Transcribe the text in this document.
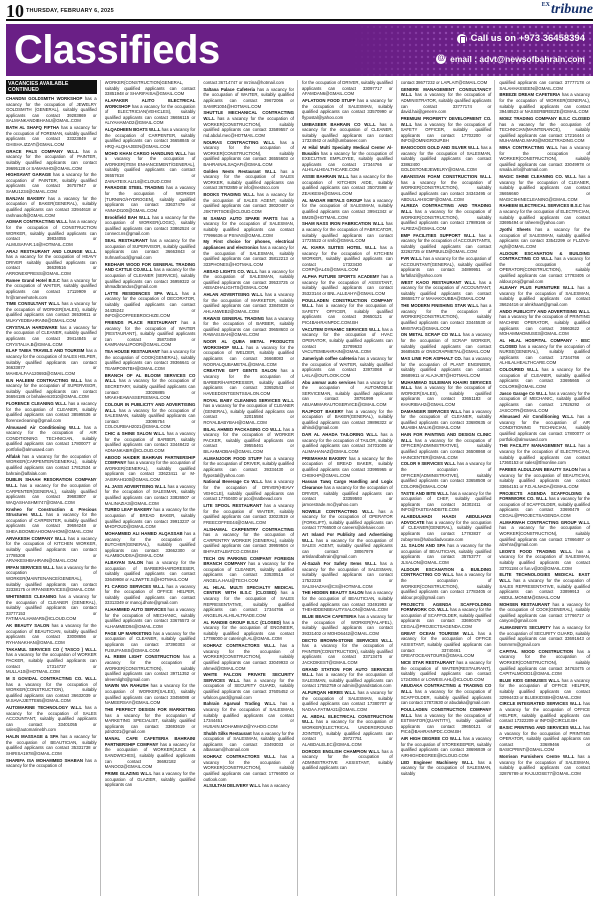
10 THURSDAY, FEBRUARY 6, 2025
$^{EX}$tribune
Classifieds	Call us on +973 36458394
@
email : advt@newsofbahrain.com
VACANCIES AVAILABLE CONTINUED

CHANDNI GOLDSMITH WORKSHOP has a vacancy for the occupation of JEWELRY GOLDSMITH (GENERAL), suitably qualified applicants can contact 39283869 or SALMANKANDIBHANU@GMAIL.COM

BATH AL SHAFQ FIFTHA has a vacancy for the occupation of FOREMAN, suitably qualified applicants can contact 33323849 or GHISHA.IZZAT@GMAIL.COM

GRACE PALS COMPANY W.L.L has a vacancy for the occupation of PAINTER, suitably qualified applicants can contact 39695128 or SAMANHO@GMAIL.COM

HIGHSAVAT GARAGE has a vacancy for the occupation of PAINTER, suitably qualified applicants can contact 36757947 or SAMU1234@GMAIL.COM

BANJAN BAKERY has a vacancy for the occupation of BAKER(GENERAL), suitably qualified applicants can contact 33944618 or rashnasoft@GMAIL.COM

ADMAR CONTRACTING W.L.L has a vacancy for the occupation of CONSTRUCTION WORKER, suitably qualified applicants can contact 39834055 or ALMUSAFAR.14@HOTMAIL.COM

ARAJ RESTAURANT AND LOUNGE W.L.L has a vacancy for the occupation of HEAVY DRIVER suitably qualified applicants can contact 36639516 or ARRONEXPRESS@GMAIL.COM

Ramee Grand Hotel B.S.C has a vacancy for the occupation of WAITER, suitably qualified applicants can contact 17119909 or hr@rameehotels.com

TIME CONSULTANT W.L.L has a vacancy for the occupation of WORKER(SALES), suitably qualified applicants can contact 36539811 or MUAYYEDBAHRAINI@GMAIL.COM

CRYSTALIA HARDWARE has a vacancy for the occupation of CLEANER, suitably qualified applicants can contact 39414845 or CRYSTALIA.B@GMAIL.COM

ELAF TABIA TRAVELS AND TOURISM has a vacancy for the occupation of SALES HELPER, suitably qualified applicants can contact 36633877 or MAHEALFAA120693@GMAIL.COM

B.N HALEEM CONTRACTING W.L.L has a vacancy for the occupation of SUPERVISOR, suitably qualified applicants can contact 36694186 or bnhaleem2010@GMAIL.COM

FLORENCE CLEANING W.L.L has a vacancy for the occupation of CLEANER, suitably qualified applicants can contact 38595536 or florencecleaning@gmail.com

Almusaed Air Conditioning W.L.L has a vacancy for the occupation of AIR CONDITIONING TECHNICIAN, suitably qualified applicants can contact 17800077 or portfolio@almusaed.com

Alfalak has a vacancy for the occupation of WORKER(CARPENTER/GENERAL), suitably qualified applicants can contact 17812534 or bahrain@alfalak.com

DUBLIN SHAAH RESORATION COMPANY W.L.L has a vacancy for the occupation of CARPENTER(GENERAL), suitably qualified applicants can contact 39683807 or WAQASHASHMI747@GMAIL.COM

Knsheo for Construction & Precious Structures W.L.L has a vacancy for the occupation of CARPENTER, suitably qualified applicants can contact 39694248 or SHEA.BOOMEAHOOMAHOM@GMAIL.COM

ARVAKESH COMPANY W.L.L has a vacancy for the occupation of KITCHEN WORKER, suitably qualified applicants can contact 17785208 or ARVAKESHBAHRAIN@GMAIL.COM

IRFAN SERVICES W.L.L has a vacancy for the occupation of WORKER(MAINTENANCE/GENERAL), suitably qualified applicants can contact 32338175 or IRFANSERVICES@GMAIL.COM

WHITENESS CLEANING has a vacancy for the occupation of CLEANER (GENERAL), suitably qualified applicants can contact 33777153 or FATIMAALHAMAR5@ICLOUD.COM

AK BEAUTY SALON has a vacancy for the occupation of BEAUTICIAN, suitably qualified applicants can contact 33008656 or RYHANAKHAN@GMAIL.COM

TAKAMUL SERVICES CO ( TASCO ) W.L.L has a vacancy for the occupation of WORKER PACKER, suitably qualified applicants can contact 17314737 or MULLA10@HOTMAIL.COM

M S GOVIDAL CONTRACTING CO. W.L.L has a vacancy for the occupation of WORKER(CONSTRUCTION), suitably qualified applicants can contact 36632039 or M.SAVAJJETTE65@GMAIL.COM

AUTOMARINE TECHNOLOGY W.L.L has a vacancy for the occupation of SALES ACCOUNTANT, suitably qualified applicants can contact 33401055 or sales@automarinebh.com

HALIN MASSAGE & SPA has a vacancy for the occupation of BEAUTICIAN, suitably qualified applicants can contact 35331738 or SHIRISA1978@GMAIL.COM

SHARIFA ISA MOHAMMED SHABAN has a vacancy for the occupation of

WORKER(CONSTRUCTION)GENERAL, suitably qualified applicants can contact 33851948 or SHARIFAISA@GMAIL.COM

ALAFAKER ALITO ELECTRICAL WORKSHOP has a vacancy for the occupation of ELECTRICIAN(VEHICLES), suitably qualified applicants can contact 36656115 or ALIYAHAMAD2@GMAIL.COM

ALQADHEEN BOATS W.L.L has a vacancy for the occupation of CARPENTER, suitably qualified applicants can contact 36658845 or HRQ-ALQHAJEEN@GMAIL.COM

MOHD KHAN CARGO HANDLING W.L.L has a vacancy for the occupation of WORKER(ITEM ENHANCEMENT/GENERAL), suitably qualified applicants can contact 36557618 or ZAINATEIX.ALI14@ICLOUD.COM

PARADISE STEEL TRADING has a vacancy for the occupation of WORKER (TURNING/HYDROGEN), suitably qualified applicants can contact 33637479 or ANNADI100@GMAIL.COM

Brookfield BAH W.L.L has a vacancy for the occupation of WORKER(LOGIC), suitably qualified applicants can contact 33862524 or connect.ns@gmail.com

SEAL RESTAURANT has a vacancy for the occupation of SUPERVISOR, suitably qualified applicants can contact 36663843 or trufmanfood@gmail.com

REDHAIR WOOD FOR GENERAL TRADING AND CATTLE CO.W.L.L has a vacancy for the occupation of CLEANER (SERVICE), suitably qualified applicants can contact 36959322 or ahmadbrandos@gmail.com

LATTE RESIDENCES SPA W.L.L has a vacancy for the occupation of DECORATOR, suitably qualified applicants can contact 34435242 or INFO@COFFEEBROCHIZE.COM

FRIENDS PLACE RESTAURANT has a vacancy for the occupation of WAITER (RESTAURANT), suitably qualified applicants can contact 35873459 or KAMRANALIPOOR@GMAIL.COM

TEA HOUSE RESTAURANT has a vacancy for the occupation of COOK(GENERAL), suitably qualified applicants can contact 39366641 or TEAMPOINTBH@GMAIL.COM

BRANCH OF AL BLOOM SERVICES CO W.L.L has a vacancy for the occupation of SECRETARY, suitably qualified applicants can contact 33026885 or NRAKHEAWASSEFEEMAIL.COM

COLOUR IN PUBLICITY AND ADVERTISING W.L.L has a vacancy for the occupation of SALESMAN, suitably qualified applicants can contact 33095754 or COLOURBAH2021@GMAIL.COM

CHIC & SHINE SALON W.L.L has a vacancy for the occupation of BARBER, suitably qualified applicants can contact 33448422 or ADNANKABIR@ICLOUD.COM

ABOOD HAIDER BAHRAIN PARTNERSHIP COMPANY has a vacancy for the occupation of WORKER(GENERAL), suitably qualified applicants can contact 33623411 or M-JAISRAHI100@GMAIL.COM

AL JASS ADVERTISING W.L.L has a vacancy for the occupation of SALESMAN, suitably qualified applicants can contact 33826507 or MALINAZIA3@GMAIL.COM

TURBO LEAF BAKERY has a vacancy for the occupation of BREAD BAKER, suitably qualified applicants can contact 39913237 or MHDFOUD@GMAIL.COM

MOHAMMED ALI HAMED ALQASSAB has a vacancy for the occupation of BUTCHER(GENERAL), suitably qualified applicants can contact 33662300 or ALAMBOUDSA@GMAIL.COM

ALBAYAN SALON has a vacancy for the occupation of BARBER/HAIRDRESSER, suitably qualified applicants can contact 33649908 or AL3WFTE.S@HOTMAIL.COM

F1 CARGO SERVICES W.L.L has a vacancy for the occupation of OFFICE HELPER, suitably qualified applicants can contact 33313349 or manoj.dhote@gmail.com

ALHAMMED AUTO SERVICES has a vacancy for the occupation of MECHANIC, suitably qualified applicants can contact 33676573 or ALHAMMED94@GMAIL.COM

PAGE UP MARKETING has a vacancy for the occupation of CLEANER, suitably qualified applicants can contact 37390303 or FUSUFANSS@GMAIL.COM

AL REEM LIGHT CONSTRUCTION has a vacancy for the occupation of WORKER(CONSTRUCTION), suitably qualified applicants can contact 39711352 or alreemlight@gmail.com

NAWIN WA RAHUSH has a vacancy for the occupation of WORKER(SALES), suitably qualified applicants can contact 33456088 or NAMEERSAY@GMAIL.COM

THE PERFECT DESIGN FOR MARKETING has a vacancy for the occupation of MARKETING SPECIALIST, suitably qualified applicants can contact 33693619 or pdn2021@gmail.com

MANAL CAFE CAFETERIA BAHRAINI PARTNERSHIP COMPANY has a vacancy for the occupation of WORKER(JUICE & SANDWICHES), suitably qualified applicants can contact 36692182 or MANOO2@GMAIL.COM

PRIME GLAZING W.L.L has a vacancy for the occupation of GLAZIER, suitably qualified applicants can

contact 36714747 or mrzina@hotmail.com

Saltana Palace Cafeteria has a vacancy for the occupation of WAITER, suitably qualified applicants can contact 39672066 or SAMIR1004@HOTMAIL.COM

SHUTTLE MECHANICAL CONTRACTING W.L.L has a vacancy for the occupation of WORKER(CONSTRUCTION), suitably qualified applicants can contact 33589557 or md.abdul.mec@HOTMAIL.COM

NOURAS CONTRACTING W.L.L has a vacancy for the occupation of WORKER(CONSTRUCTION), suitably qualified applicants can contact 36555603 or BAHRAINALSAQAFI@GMAIL.COM

Golden Nests Restaurant W.L.L has a vacancy for the occupation of SALES WORKER, suitably qualified applicants can contact 36782859 or info@nestsco.com

BOOKS TRADING W.L.L has a vacancy for the occupation of SALES AGENT, suitably qualified applicants can contact 38020467 or JSKTIRTSOE@ICLOUD.COM

M SAMAD AUTO SPARE PARTS has a vacancy for the occupation of SALESMAN, suitably qualified applicants can contact 77996636 or PSIVAS@GMAIL.COM

My First choice for phones, electrical appliances and electronics has a vacancy for the occupation of SALESMAN, suitably qualified applicants can contact 35812213 or 333PHONES@HOTMAIL.COM

ABSAD LIGHTS CO. W.L.L has a vacancy for the occupation of SALESMAN, suitably qualified applicants can contact 39533725 or ABSADHALIGHTS@GMAIL.COM

AHLAN ADVERTISING W.L.L has a vacancy for the occupation of MARKETER, suitably qualified applicants can contact 33845028 or AHLANWEB2@GMAIL.COM

RAWASI GENERAL TRADING has a vacancy for the occupation of BARBER, suitably qualified applicants can contact 39658603 or RAWASI.BAH@GMAIL.COM

NOOR AL QUBA METAL PRODUCTS WORKSHOP W.L.L has a vacancy for the occupation of WELDER, suitably qualified applicants can contact 36668083 or NOORALQUBAMETAL@GMAIL.COM

CREATIVE GIFT GENTS SALON has a vacancy for the occupation of BARBER/HAIRDRESSER, suitably qualified applicants can contact 33652543 or HAVEEDGNTGENTSSALON.COM

ROYAL BABY CLEANING SERVICES W.L.L has a vacancy for the occupation of CLEANER (GENERAL), suitably qualified applicants can contact 32015584 or ROYALBABYBAH@GMAIL.COM

BILAL AHMED PACKAGING CO W.L.L has a vacancy for the occupation of WORKER PACKER, suitably qualified applicants can contact 39555461 or BILAHMADBAH@GMAIL.COM

ALMANJOOR FOOD STUFF has a vacancy for the occupation of DRIVER, suitably qualified applicants can contact 39334430 or flypostal@yahoo.com

National Beverage Co W.L.L has a vacancy for the occupation of DRIVER(HEAVY VEHICLE), suitably qualified applicants can contact 17760400 or pco@natbevad.com

LITE SPOOL RESTAURANT has a vacancy for the occupation of WAITER, suitably qualified applicants can contact 33023519 or FREECOFFEE44@GMAIL.COM

ALSHAMAL CARPENTRY CONTRACTING has a vacancy for the occupation of CARPENTRY WORKER (GENERAL), suitably qualified applicants can contact 39959504 or BHFASTALBATCO.COM.BH

TECH ON PARKING COMPANY FOREIGN BRANCH COMPANY has a vacancy for the occupation of CLEANER, suitably qualified applicants can contact 33530515 or ANGELA.HAU@TECH.COM

AL HILAL MULTI SPECIALTY MEDICAL CENTER WITH B.S.C (CLOSED) has a vacancy for the occupation of SALES REPRESENTATIVE, suitably qualified applicants can contact 17344766 or ANGELIN.ALHILALTRADE.COM

AL RANDIB GROUP B.S.C (CLOSED) has a vacancy for the occupation of ENGINEER, suitably qualified applicants can contact 17786000 or cateringh.AL@GMAIL.COM

KOHRAZ CONTRACTORS W.L.L has a vacancy for the occupation of WORKER(CONSTRUCTION), suitably qualified applicants can contact 33049933 or ahmed@GMAIL.COM

WHITE FALCON PRIVATE SECURITY SERVICES W.L.L has a vacancy for the occupation of SECURITY GUARD, suitably qualified applicants can contact 37605452 or wfalcon.gard@gmail.com

Bahrain Agarwal Trading W.L.L has a vacancy for the occupation of SALESMAN, suitably qualified applicants can contact 17344451 or HUSAIN.MOHAMMAD@YAHOO.COM

Shubh Silks Restaurant has a vacancy for the occupation of SALESMAN, suitably qualified applicants can contact 33493033 or albassam@hotmail.com

KOHRAZ CONTRACTORS W.L.L has a vacancy for the occupation of WORKER(CONSTRUCTION), suitably qualified applicants can contact 17766000 or outlook.com

ALSULTAN DELIVERY W.L.L has a vacancy

for the occupation of DRIVER, suitably qualified applicants can contact 33097717 or AFAMDAN6@GMAIL.COM

AFLATOON FOOD STUFF has a vacancy for the occupation of SALESMAN, suitably qualified applicants can contact 33570990 or flypostal@yahoo.com

UMBASEER BAHRAIN CO W.L.L has a vacancy for the occupation of CLEANER, suitably qualified applicants can contact 17324942 or asif@umbaseer.com

AI Hilal Multi Specialty Medical Center Al-Busaitin has a vacancy for the occupation of EXECUTIVE EMPLOYEE, suitably qualified applicants can contact 17344766 or ALHILALHEALTHCARE.COM

ASSIE BAHRAIN W.L.L has a vacancy for the occupation of KITCHEN AIDE, suitably qualified applicants can contact 35072598 or ZEAIKESH@GMAIL.COM

AL MADAR METALS GROUP has a vacancy for the occupation of SALESMAN, suitably qualified applicants can contact 39941342 or BM20@HOTMAIL.COM

SHAM NASS IRON FABRICATION W.L.L has a vacancy for the occupation of FABRICATOR, suitably qualified applicants can contact 17725522 or smfc@GMAIL.COM

AL KIARA SUITES HOTEL W.L.L has a vacancy for the occupation of KITCHEN WORKER, suitably qualified applicants can contact 17323430 or CORP@AL4S@GMAIL.COM

ALPHA FUTURE SPORTS ACADEMY has a vacancy for the occupation of ASSISTANT, suitably qualified applicants can contact 35323144 or BNL.ALLEAHY@GMAIL.COM

POULLADEN CONSTRUCTION COMPANY W.L.L has a vacancy for the occupation of SAFETY OFFICER, suitably qualified applicants can contact 39650121 or PIC4BAHRAINPDC.COM.BH

VACUTEM DYNAMIC SERVICES W.L.L has a vacancy for the occupation of HVAC OPERATOR, suitably qualified applicants can contact 32789633 or VACUTEMBAHRAIN@GMAIL.COM

Jumeriyah coffee cafeteria has a vacancy for the occupation of WAITER, suitably qualified applicants can contact 33973068 or LAILA@OUTLOOK.COM

Abu ammar auto services has a vacancy for the occupation of AUTOMOBILE SERVICEMAN, suitably qualified applicants can contact 38791999 or ABUAMMARAUTOSERVICE@GMAIL.COM

RAJPOOT BAKERY has a vacancy for the occupation of BAKER(GENERAL), suitably qualified applicants can contact 39896322 or alhindi@gmail.com

DAR AL AHADA TAILORING W.L.L has a vacancy for the occupation of TAILOR, suitably qualified applicants can contact 34701006 or ALIMAHANAZ@GMAIL.COM

PREMAHAN BAKERY has a vacancy for the occupation of BREAD BAKER, suitably qualified applicants can contact 33995965 or CHEIKHP@GMAIL.COM

Hassan Tawq Cargo Handling and Logix Clearance has a vacancy for the occupation of DRIVER, suitably qualified applicants can contact 33359593 or jamcestrade.mc@yahoo.com

NOWELE CONTRACTING W.L.L has a vacancy for the occupation of OPERATOR (FORKLIFT), suitably qualified applicants can contact 77766500 or careers@dehaier.com

Art Island For Publicity and Advertising W.L.L has a vacancy for the occupation of SALES AGENT, suitably qualified applicants can contact 38067979 or artislandbahrain@gmail.com

Al-Sazah For Safety Items W.L.L has a vacancy for the occupation of SALESMAN, suitably qualified applicants can contact 17522228 or SALSHAZAH@CS@HOTMAIL.COM

THE HIDDEN BEAUTY SALON has a vacancy for the occupation of BEAUTICIAN, suitably qualified applicants can contact 33491993 or THEHIDDENBEAUTYSALON@GMAIL.COM

BLUE BEACH CAFETERIA has a vacancy for the occupation of WORKER(FALAFEL), suitably qualified applicants can contact 39331402 or MOHD6442@GMAIL.COM

DECTO BROWN-STONE SERVICES W.L.L has a vacancy for the occupation of PAINTER(CONSTRUCTION), suitably qualified applicants can contact 33713475 or JACKDIKEST@GMAIL.COM

GRAND STATION FOR AUTO SERVICES W.L.L has a vacancy for the occupation of SALESMAN, suitably qualified applicants can contact 17552759 or admin@grandstation.com

ALFURQAN HERBS W.L.L has a vacancy for the occupation of SALESMAN, suitably qualified applicants can contact 17380707 or NADAA.FATIMA21@GMAIL.COM

AL ABDAL ELECTRICAL CONSTRUCTION W.L.L has a vacancy for the occupation of WORKER(ELECTRICAL UNDERGROUND JOINTER), suitably qualified applicants can contact 39727751 or ALABDALELEC@GMAIL.COM

DORODS ENGLISH CHAMPION W.L.L has a vacancy for the occupation of ADMINISTRATIVE ASSISTANT, suitably qualified applicants can

contact 38677232 or LAPLAIT@GMAIL.COM

GENERE MANAGEMENT CONSULTANCY W.L.L has a vacancy for the occupation of ADMINISTRATOR, suitably qualified applicants can contact 33777174 or david.hai@generre.com

PREMIUM PROPERTY DEVELOPMENT CO. W.L.L has a vacancy for the occupation of SAFETY OFFICER, suitably qualified applicants can contact 17702200 or INFO@OMNIGROUP.BH

BANOCOOS GOLD AND SILVER W.L.L has a vacancy for the occupation of SALESMAN, suitably qualified applicants can contact 33862400 or GOLDSTONEJEWELRY@GMAIL.COM

ABANSSAN FOAM CONSTRUCTION W.L.L has a vacancy for the occupation of WORKER(CONSTRUCTION), suitably qualified applicants can contact 34343495 or ABDULLAHSCBF@GMAIL.COM

ALREZA CONTRACTING AND TRADING W.L.L has a vacancy for the occupation of WORKER(CONSTRUCTION), suitably qualified applicants can contact 17989166 or ALREZA@GMAIL.COM

EMP FACILITIES SUPPORT W.L.L has a vacancy for the occupation of ACCOUNTANTS, suitably qualified applicants can contact 32262725 or EMPBUILD@GMAIL.COM

FVR W.L.L has a vacancy for the occupation of ACCOUNTANT(GENERAL), suitably qualified applicants can contact 34899951 or farfallazi@yahoo.com

WEST KAOO RESTAURANT W.L.L has a vacancy for the occupation of ACCOUNTANT, suitably qualified applicants can contact 38658177 or MAHAKOUBBA@GMAIL.COM

THE MODERN FINISHING STAR W.L.L has a vacancy for the occupation of WORKER(CONSTRUCTION), suitably qualified applicants can contact 33445530 or MMSTAR1@GMAIL.COM

ON METAL SCRAP CO W.L.L has a vacancy for the occupation of SCRAP WORKER, suitably qualified applicants can contact 36685635 or ONSCRAPMETAL@GMAIL.COM

MAS LINE FOR ASPHALT CO. has a vacancy for the occupation of PLANT ENGINEER, suitably qualified applicants can contact 38689911 or ALAJAJ87@HOTMAIL.COM

MUHAMMAD SULEIMAN KHAIRI SERVICES W.L.L has a vacancy for the occupation of WORKER(SALES), suitably qualified applicants can contact 33651183 or KHAIRIBAH2@GMAIL.COM

DAMANGER SERVICES W.L.L has a vacancy for the occupation of CLEANER, suitably qualified applicants can contact 33680635 or MUAIBH.MALIK@GMAIL.COM

HAIN FOR PAINTING AND DESIGN CLINIC W.L.L has a vacancy for the occupation of OFFICER(ADMINISTRATIVE), suitably qualified applicants can contact 36508868 or HAINCENTER@GMAIL.COM

COLOR 9 SERVICES W.L.L has a vacancy for the occupation of OFFICER(ADMINISTRATIVE), suitably qualified applicants can contact 33658508 or COLOR9@GMAIL.COM

TASTE AND BITE W.L.L has a vacancy for the occupation of CHEF, suitably qualified applicants can contact 34302411 or INFO@TASTEANDBITE.COM

ALABDULHADI HAADI ABDULHADI ADVOCATE has a vacancy for the occupation of CLEANER(GENERAL), suitably qualified applicants can contact 17783837 or zubayrms@habodiadvocate.com

J.L SALON AND SPA has a vacancy for the occupation of BEAUTICIAN, suitably qualified applicants can contact 35753777 or JLSALON@GMAIL.COM

ALDOUR ESCANATION & BUILDING CONTRACTING CO W.L.L has a vacancy for the occupation of WORKER(CONSTRUCTION), suitably qualified applicants can contact 17783405 or aldour.proj@gmail.com

PROJECTS AGENDA SCAFFOLDING FORMWORK CO. W.L.L has a vacancy for the occupation of SCAFFOLDER, suitably qualified applicants can contact 33690479 or CEGAL@PROJECTSAGENDA.COM

GREAT OCEAN TOURISM W.L.L has a vacancy for the occupation of OFFICE ASSISTANT, suitably qualified applicants can contact 33740461 or GREATOCEANTOURS@GMAIL.COM

NICE STAR RESTAURANT has a vacancy for the occupation of WAITER(RESTAURANT), suitably qualified applicants can contact 17243054 or LOWEIS.AHL@ICLOUD.COM

ABUDAKA CONTRACTING & TRADING CO W.L.L has a vacancy for the occupation of SCAFFOLDER, suitably qualified applicants can contact 17873630 or abudaka@gmail.com

POULLADEN CONSTRUCTION COMPANY W.L.L has a vacancy for the occupation of ESTIMATOR(QUANTITY), suitably qualified applicants can contact 39650121 or PIC4@BAHRAINPDC.COM.BH

AIR HIGH DEGREE CO W.L.L has a vacancy for the occupation of STOREKEEPER, suitably qualified applicants can contact 38696939 or AIRHIGHDEGREE@ICLOUD.COM

LED Engineer Machinery W.L.L has a vacancy for the occupation of SALESMAN, suitably

qualified applicants can contact 37777178 or SALAHHASSEEN@GMAIL.COM

BREEZE DREAM CAFETERIA has a vacancy for the occupation of WORKER(GENERAL), suitably qualified applicants can contact 39448523 or NASSERBREEZE@GMAIL.COM

MOEZ TRADING COMPANY B.S.C CLOSED has a vacancy for the occupation of TECHNICIAN(MAINTENANCE), suitably qualified applicants can contact 17216444 or MUHAMMAD.MARI@MOEZTRADING.COM

MINA CONTRACTING W.L.L has a vacancy for the occupation of WORKER(CONSTRUCTION), suitably qualified applicants can contact 33049978 or smaila.info@hotmail.com

MAGIC SHINE CLEANING CO. W.L.L has a vacancy for the occupation of CLEANER, suitably qualified applicants can contact 36656660 or MAGICSHINECLEANING@GMAIL.COM

RAHEEM ELECTRICAL SERVICES B.S.C has a vacancy for the occupation of ELECTRICIAN, suitably qualified applicants can contact 33695494 or raheem@yahoo.com

Jyothi Sheets has a vacancy for the occupation of SALESMAN, suitably qualified applicants can contact 33542299 or FLJZVS-Agh@GMAIL.COM

ALDOUR ESCANATION & BUILDING CONTRACTING CO W.L.L has a vacancy for the occupation of OPERATOR(CONSTRUCTION), suitably qualified applicants can contact 17783405 or aldour.proj@gmail.com

ALEAHY PLUS FURNITURE W.L.L has a vacancy for the occupation of SALESMAN, suitably qualified applicants can contact 36624416 or almkhaart@gmail.com

ANDO PUBLICITY AND ADVERTISING W.L.L has a vacancy for the occupation of PRINTING MACHINE OPERATOR, suitably qualified applicants can contact 36663622 or MOHAMMADMUS03@GMAIL.COM

AL HILAL HOSPITAL COMPANY - BSC CLOSED has a vacancy for the occupation of NURSE(GENERAL), suitably qualified applicants can contact 17344766 or ALHILALHEALTHCARE.COM

COLOURED W.L.L has a vacancy for the occupation of CLEANER, suitably qualified applicants can contact 33695665 or COLOR9@GMAIL.COM

Jasco Garage Co W.L.L has a vacancy for the occupation of MECHANIC, suitably qualified applicants can contact 17826292 or JASCOTR@GMAIL.COM

Almusaed Air Conditioning W.L.L has a vacancy for the occupation of AIR CONDITIONING TECHNICIAN, suitably qualified applicants can contact 17800077 or portfolio@almusaed.com

THE FACILITY MANAGEMENT W.L.L has a vacancy for the occupation of ELECTRICIAN, suitably qualified applicants can contact 17360153 or sales@tfmonline.com

FAREES ALDULZAIN BEAUTY SALON has a vacancy for the occupation of BEAUTICIAN, suitably qualified applicants can contact 33654151 or F.D.ALNADA@GMAIL.COM

PROJECTS AGENDA SCAFFOLDING & FORMWORK CO. W.L.L has a vacancy for the occupation of SCAFFOLDER, suitably qualified applicants can contact 33690479 or CEGAL@PROJECTSAGENDA.COM

ALMARWAH CONTRACTING GROUP W.L.L has a vacancy for the occupation of WORKER(CONSTRUCTION), suitably qualified applicants can contact 17866487 or alzehra@gmail.com

LEON'S FOOD TRADING W.L.L has a vacancy for the occupation of SALESMAN, suitably qualified applicants can contact 33701184 or fun.v@20@GMAIL.COM

ELITE TECHNOLOGIES MEDICAL EAST W.L.L has a vacancy for the occupation of SALES REPRESENTATIVE, suitably qualified applicants can contact 33899913 or ABDUL.MONEM@GMAIL.COM

MOHSEN RESTAURANT has a vacancy for the occupation of COOK(GENERAL), suitably qualified applicants can contact 17766717 or canyon@gmail.com

ALMAGNEYS SECURITY has a vacancy for the occupation of SECURITY GUARD, suitably qualified applicants can contact 33691643 or bsmmrm@gmail.com

CAPITAL MOOD CONSTRUCTION has a vacancy for the occupation of WORKER(CONSTRUCTION), suitably qualified applicants can contact 34763475 or CAPITALMOOD1@GMAIL.COM

BLUE KIDS GENIUSES W.L.L has a vacancy for the occupation of OFFICE HELPER, suitably qualified applicants can contact 32994433 or BLUEKIDSBH@GMAIL.COM

CIRCLE INTEGRATED SERVICES W.L.L has a vacancy for the occupation of OFFICE HELPER, suitably qualified applicants can contact 17322209 or INFO@CIRCLE.BH

BASIC PRINTING AND SERVICES W.L.L has a vacancy for the occupation of PRINTING OPERATOR, suitably qualified applicants can contact 33689466 or BASICPRINT@GMAIL.COM

Morrison Furnishers Centre W.L.L has a vacancy for the occupation of SALESMAN, suitably qualified applicants can contact 32876789 or RAJUJOSE77@GMAIL.COM
